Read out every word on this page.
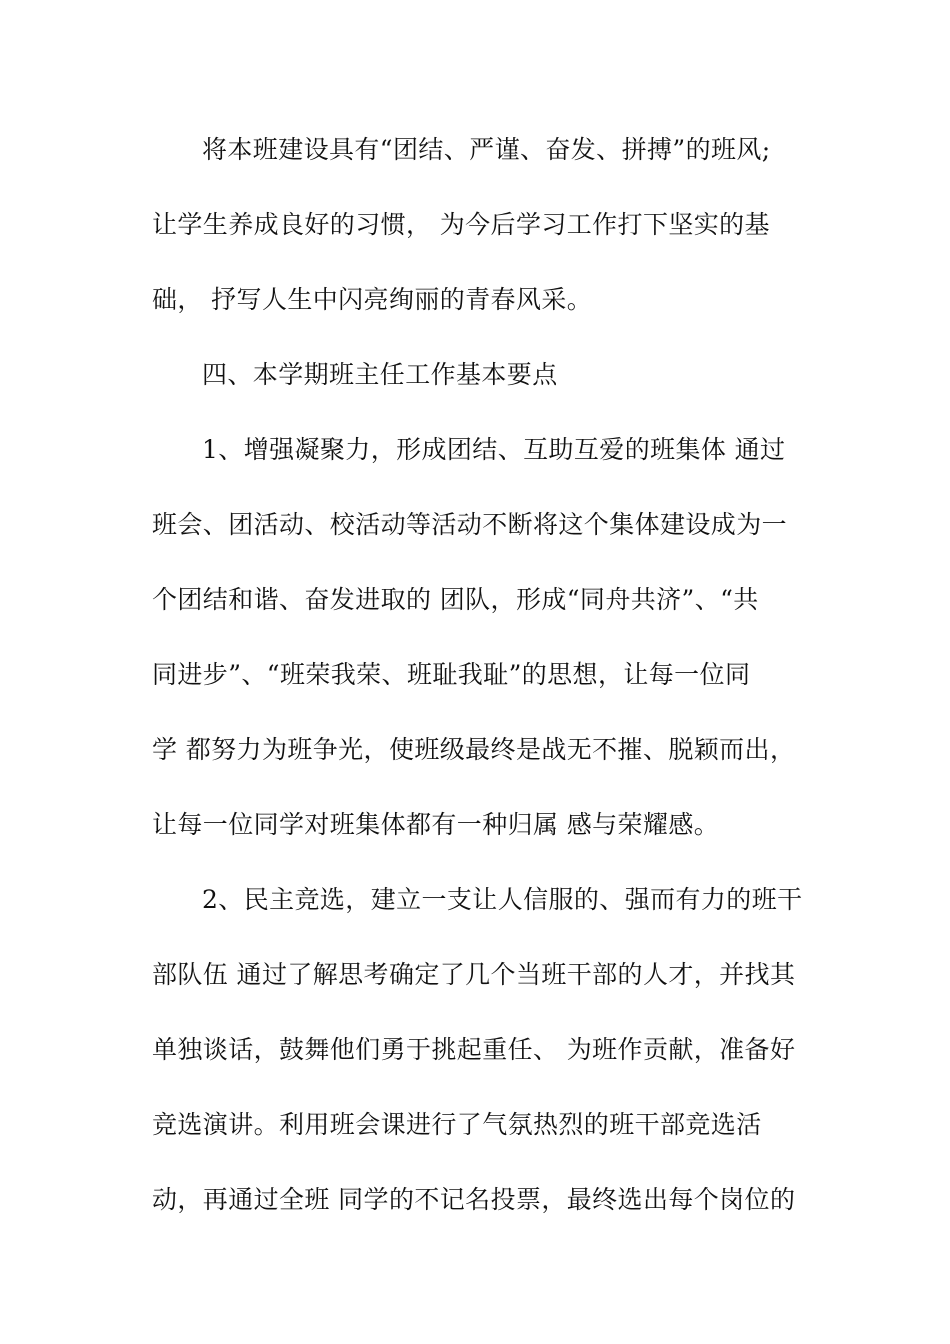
将本班建设具有“团结、严谨、奋发、拼搏”的班风;
让学生养成良好的习惯， 为今后学习工作打下坚实的基
础， 抒写人生中闪亮绚丽的青春风采。
四、本学期班主任工作基本要点
1、增强凝聚力，形成团结、互助互爱的班集体 通过
班会、团活动、校活动等活动不断将这个集体建设成为一
个团结和谐、奋发进取的 团队，形成“同舟共济”、“共
同进步”、“班荣我荣、班耻我耻”的思想，让每一位同
学 都努力为班争光，使班级最终是战无不摧、脱颖而出，
让每一位同学对班集体都有一种归属 感与荣耀感。
2、民主竞选，建立一支让人信服的、强而有力的班干
部队伍 通过了解思考确定了几个当班干部的人才，并找其
单独谈话，鼓舞他们勇于挑起重任、 为班作贡献，准备好
竞选演讲。利用班会课进行了气氛热烈的班干部竞选活
动，再通过全班 同学的不记名投票，最终选出每个岗位的
